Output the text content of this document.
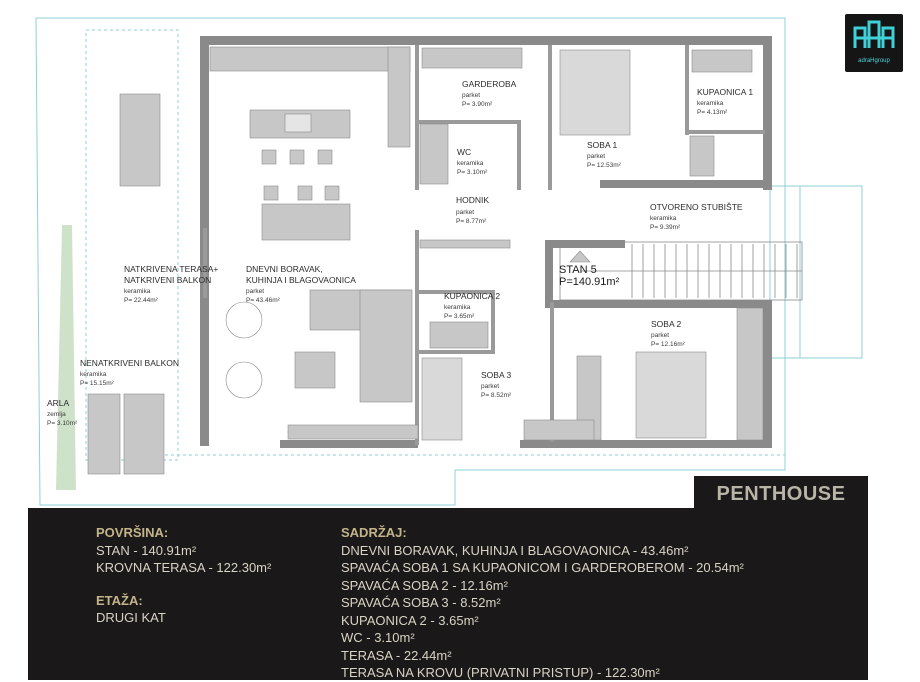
STAN 5
P=140.91m²
GARDEROBA
parket
P= 3.90m²
KUPAONICA 1
keramika
P= 4.13m²
WC
keramika
P= 3.10m²
SOBA 1
parket
P= 12.53m²
HODNIK
parket
P= 8.77m²
OTVORENO STUBIŠTE
keramika
P= 9.39m²
DNEVNI BORAVAK,
KUHINJA I BLAGOVAONICA
parket
P= 43.46m²
NATKRIVENA TERASA+
NATKRIVENI BALKON
keramika
P= 22.44m²	KUPAONICA 2
keramika
P= 3.65m²
SOBA 2
parket
P= 12.16m²
NENATKRIVENI BALKON
keramika
P= 15.15m²
SOBA 3
parket
P= 8.52m²
ARLA
zemlja
P= 3.10m²
adraHgroup
PENTHOUSE
POVRŠINA:
STAN - 140.91m²
KROVNA TERASA - 122.30m²
ETAŽA:
DRUGI KAT
SADRŽAJ:
DNEVNI BORAVAK, KUHINJA I BLAGOVAONICA - 43.46m²
SPAVAĆA SOBA 1 SA KUPAONICOM I GARDEROBEROM - 20.54m²
SPAVAĆA SOBA 2 - 12.16m²
SPAVAĆA SOBA 3 - 8.52m²
KUPAONICA 2 - 3.65m²
WC - 3.10m²
TERASA - 22.44m²
TERASA NA KROVU (PRIVATNI PRISTUP) - 122.30m²
